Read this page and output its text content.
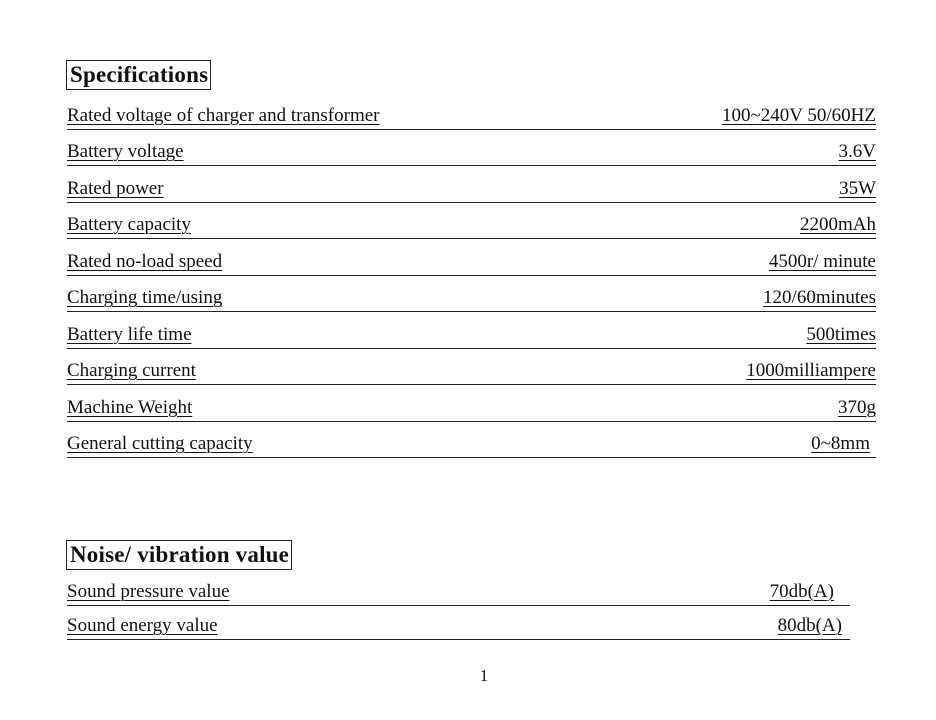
Specifications
Rated voltage of charger and transformer	100~240V 50/60HZ
Battery voltage	3.6V
Rated power	35W
Battery capacity	2200mAh
Rated no-load speed	4500r/ minute
Charging time/using	120/60minutes
Battery life time	500times
Charging current	1000milliampere
Machine Weight	370g
General cutting capacity	0~8mm
Noise/ vibration value
Sound pressure value	70db(A)
Sound energy value	80db(A)
1
